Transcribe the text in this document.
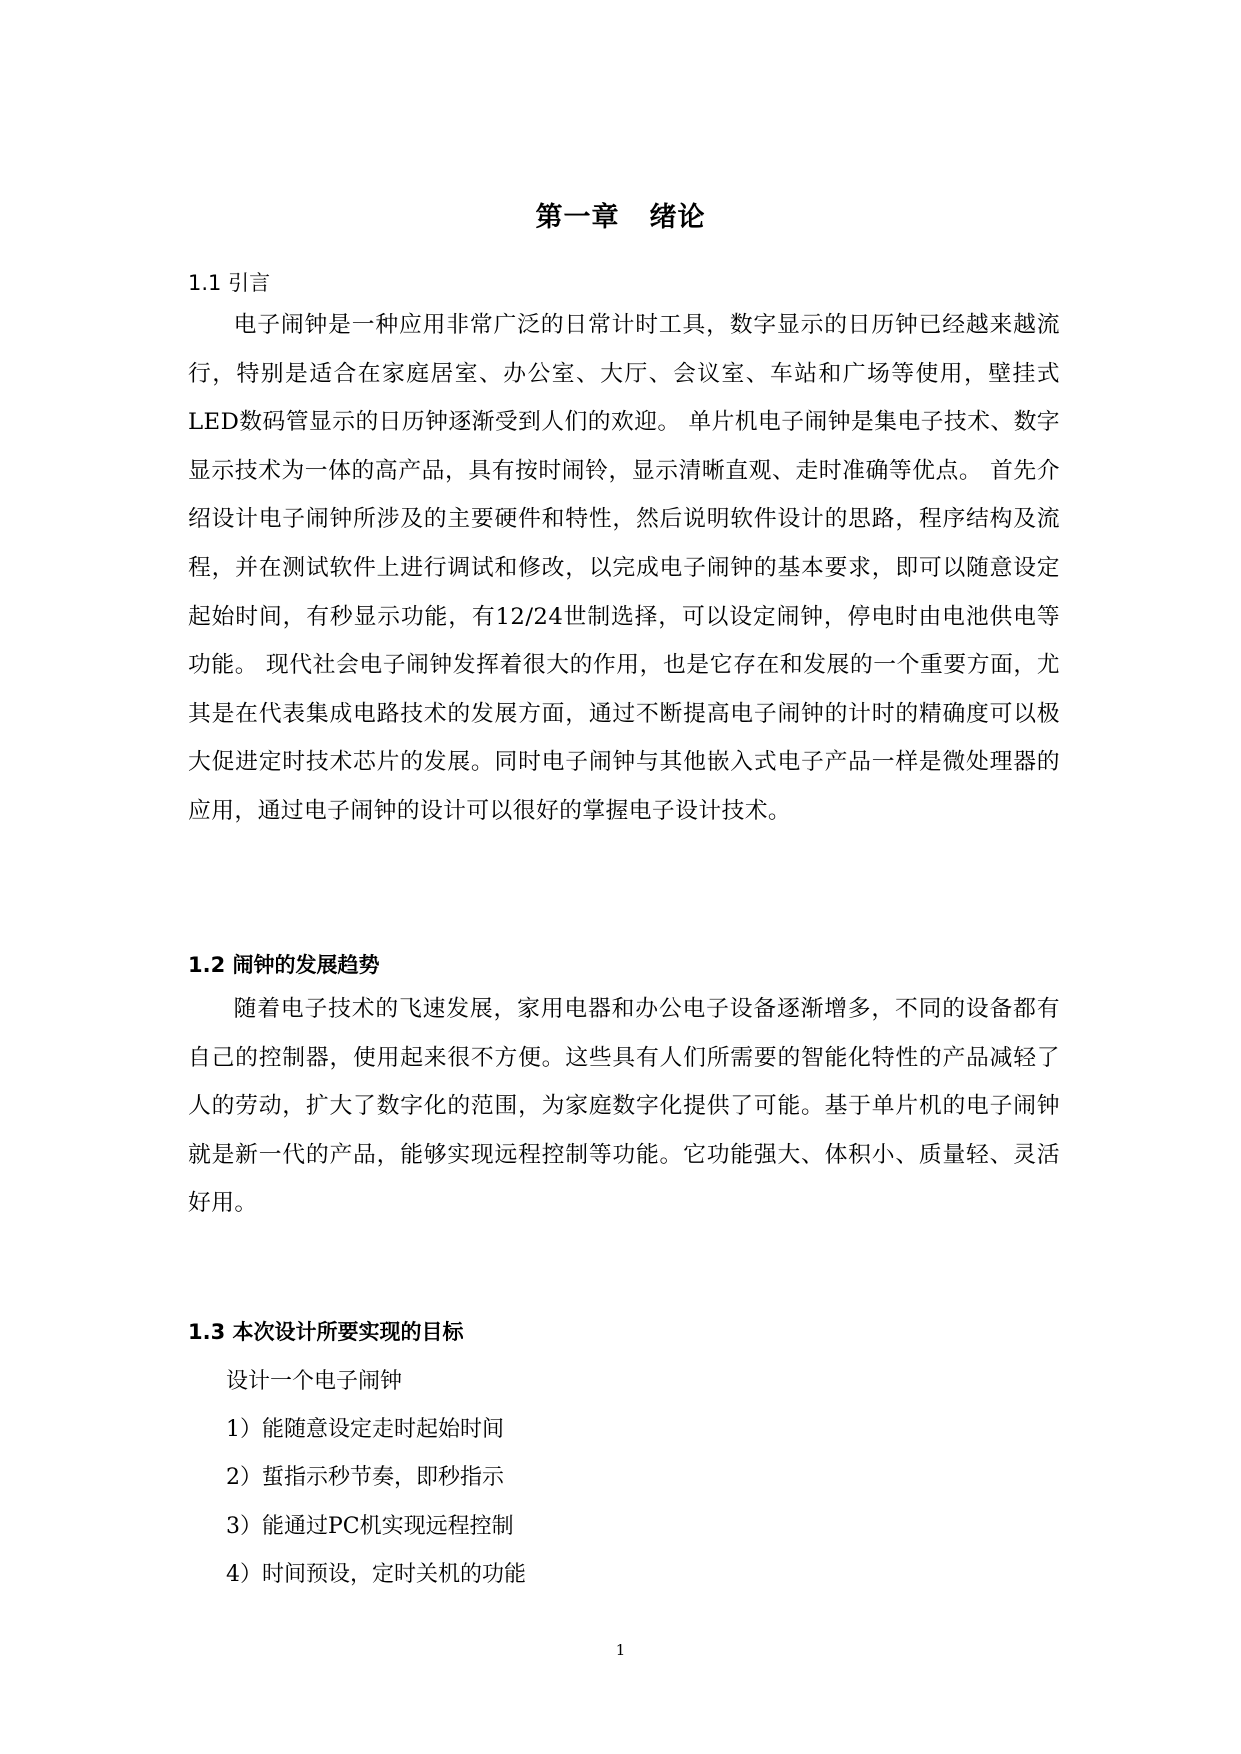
第一章 绪论
1.1 引言
电子闹钟是一种应用非常广泛的日常计时工具，数字显示的日历钟已经越来越流行，特别是适合在家庭居室、办公室、大厅、会议室、车站和广场等使用，壁挂式LED数码管显示的日历钟逐渐受到人们的欢迎。 单片机电子闹钟是集电子技术、数字显示技术为一体的高产品，具有按时闹铃，显示清晰直观、走时准确等优点。 首先介绍设计电子闹钟所涉及的主要硬件和特性，然后说明软件设计的思路，程序结构及流程，并在测试软件上进行调试和修改，以完成电子闹钟的基本要求，即可以随意设定起始时间，有秒显示功能，有12/24世制选择，可以设定闹钟，停电时由电池供电等功能。 现代社会电子闹钟发挥着很大的作用，也是它存在和发展的一个重要方面，尤其是在代表集成电路技术的发展方面，通过不断提高电子闹钟的计时的精确度可以极大促进定时技术芯片的发展。同时电子闹钟与其他嵌入式电子产品一样是微处理器的应用，通过电子闹钟的设计可以很好的掌握电子设计技术。
1.2 闹钟的发展趋势
随着电子技术的飞速发展，家用电器和办公电子设备逐渐增多，不同的设备都有自己的控制器，使用起来很不方便。这些具有人们所需要的智能化特性的产品减轻了人的劳动，扩大了数字化的范围，为家庭数字化提供了可能。基于单片机的电子闹钟就是新一代的产品，能够实现远程控制等功能。它功能强大、体积小、质量轻、灵活好用。
1.3 本次设计所要实现的目标
设计一个电子闹钟
1）能随意设定走时起始时间
2）蜇指示秒节奏，即秒指示
3）能通过PC机实现远程控制
4）时间预设，定时关机的功能
1
